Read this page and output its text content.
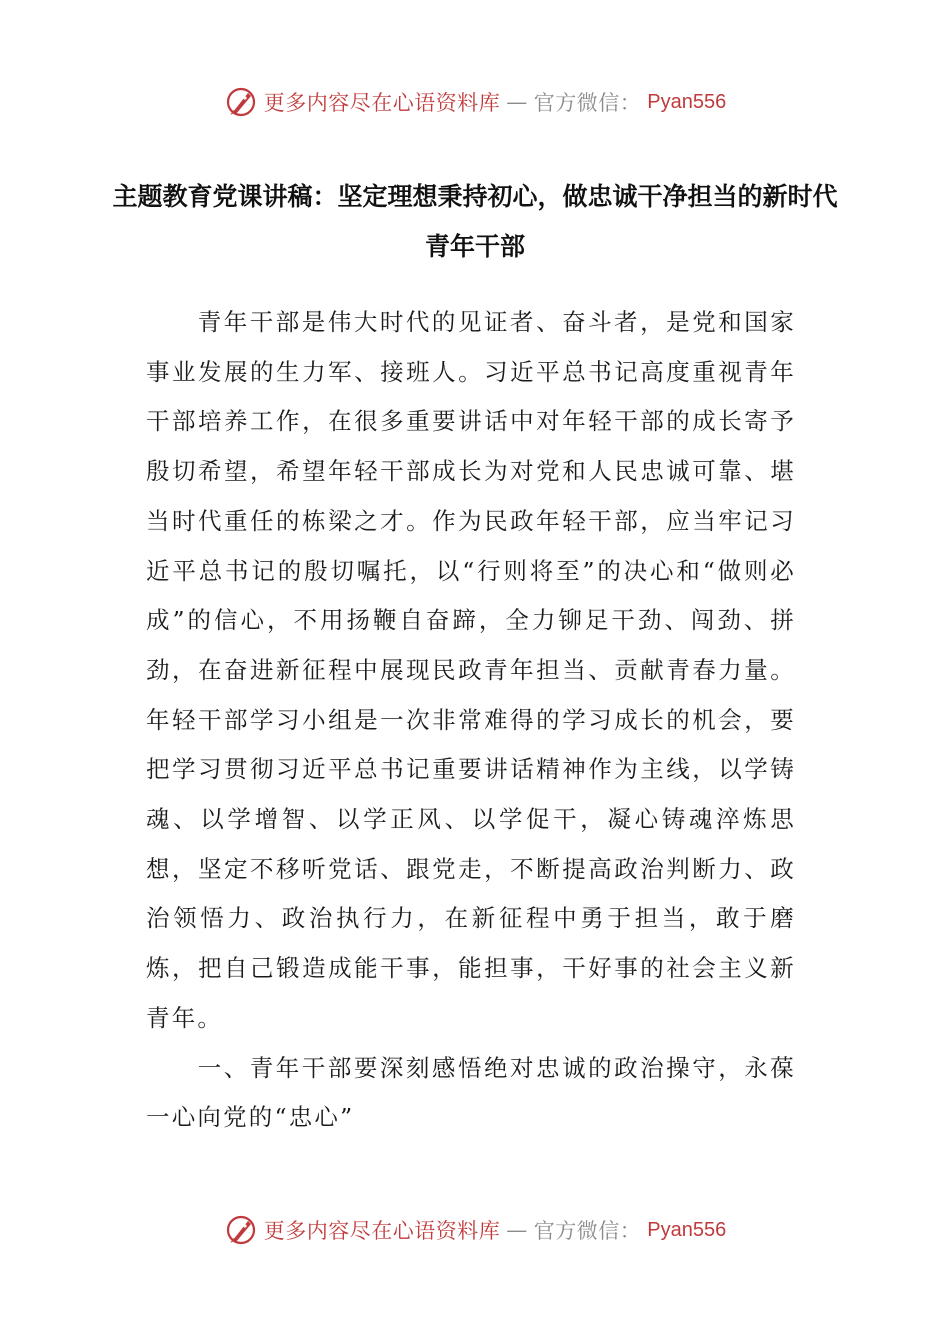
更多内容尽在心语资料库 — 官方微信： Pyan556
主题教育党课讲稿：坚定理想秉持初心，做忠诚干净担当的新时代青年干部

青年干部是伟大时代的见证者、奋斗者，是党和国家事业发展的生力军、接班人。习近平总书记高度重视青年干部培养工作，在很多重要讲话中对年轻干部的成长寄予殷切希望，希望年轻干部成长为对党和人民忠诚可靠、堪当时代重任的栋梁之才。作为民政年轻干部，应当牢记习近平总书记的殷切嘱托，以“行则将至”的决心和“做则必成”的信心，不用扬鞭自奋蹄，全力铆足干劲、闯劲、拼劲，在奋进新征程中展现民政青年担当、贡献青春力量。年轻干部学习小组是一次非常难得的学习成长的机会，要把学习贯彻习近平总书记重要讲话精神作为主线，以学铸魂、以学增智、以学正风、以学促干，凝心铸魂淬炼思想，坚定不移听党话、跟党走，不断提高政治判断力、政治领悟力、政治执行力，在新征程中勇于担当，敢于磨炼，把自己锻造成能干事，能担事，干好事的社会主义新青年。

一、青年干部要深刻感悟绝对忠诚的政治操守，永葆一心向党的“忠心”

更多内容尽在心语资料库 — 官方微信： Pyan556
